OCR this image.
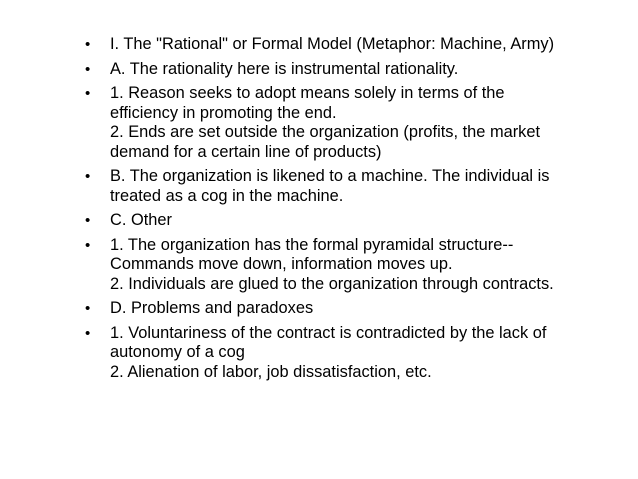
• I. The "Rational" or Formal Model (Metaphor: Machine, Army)
• A. The rationality here is instrumental rationality.
• 1. Reason seeks to adopt means solely in terms of the
efficiency in promoting the end.
2. Ends are set outside the organization (profits, the market
demand for a certain line of products)
• B. The organization is likened to a machine. The individual is
treated as a cog in the machine.
• C. Other
• 1. The organization has the formal pyramidal structure--
Commands move down, information moves up.
2. Individuals are glued to the organization through contracts.
• D. Problems and paradoxes
• 1. Voluntariness of the contract is contradicted by the lack of
autonomy of a cog
2. Alienation of labor, job dissatisfaction, etc.
